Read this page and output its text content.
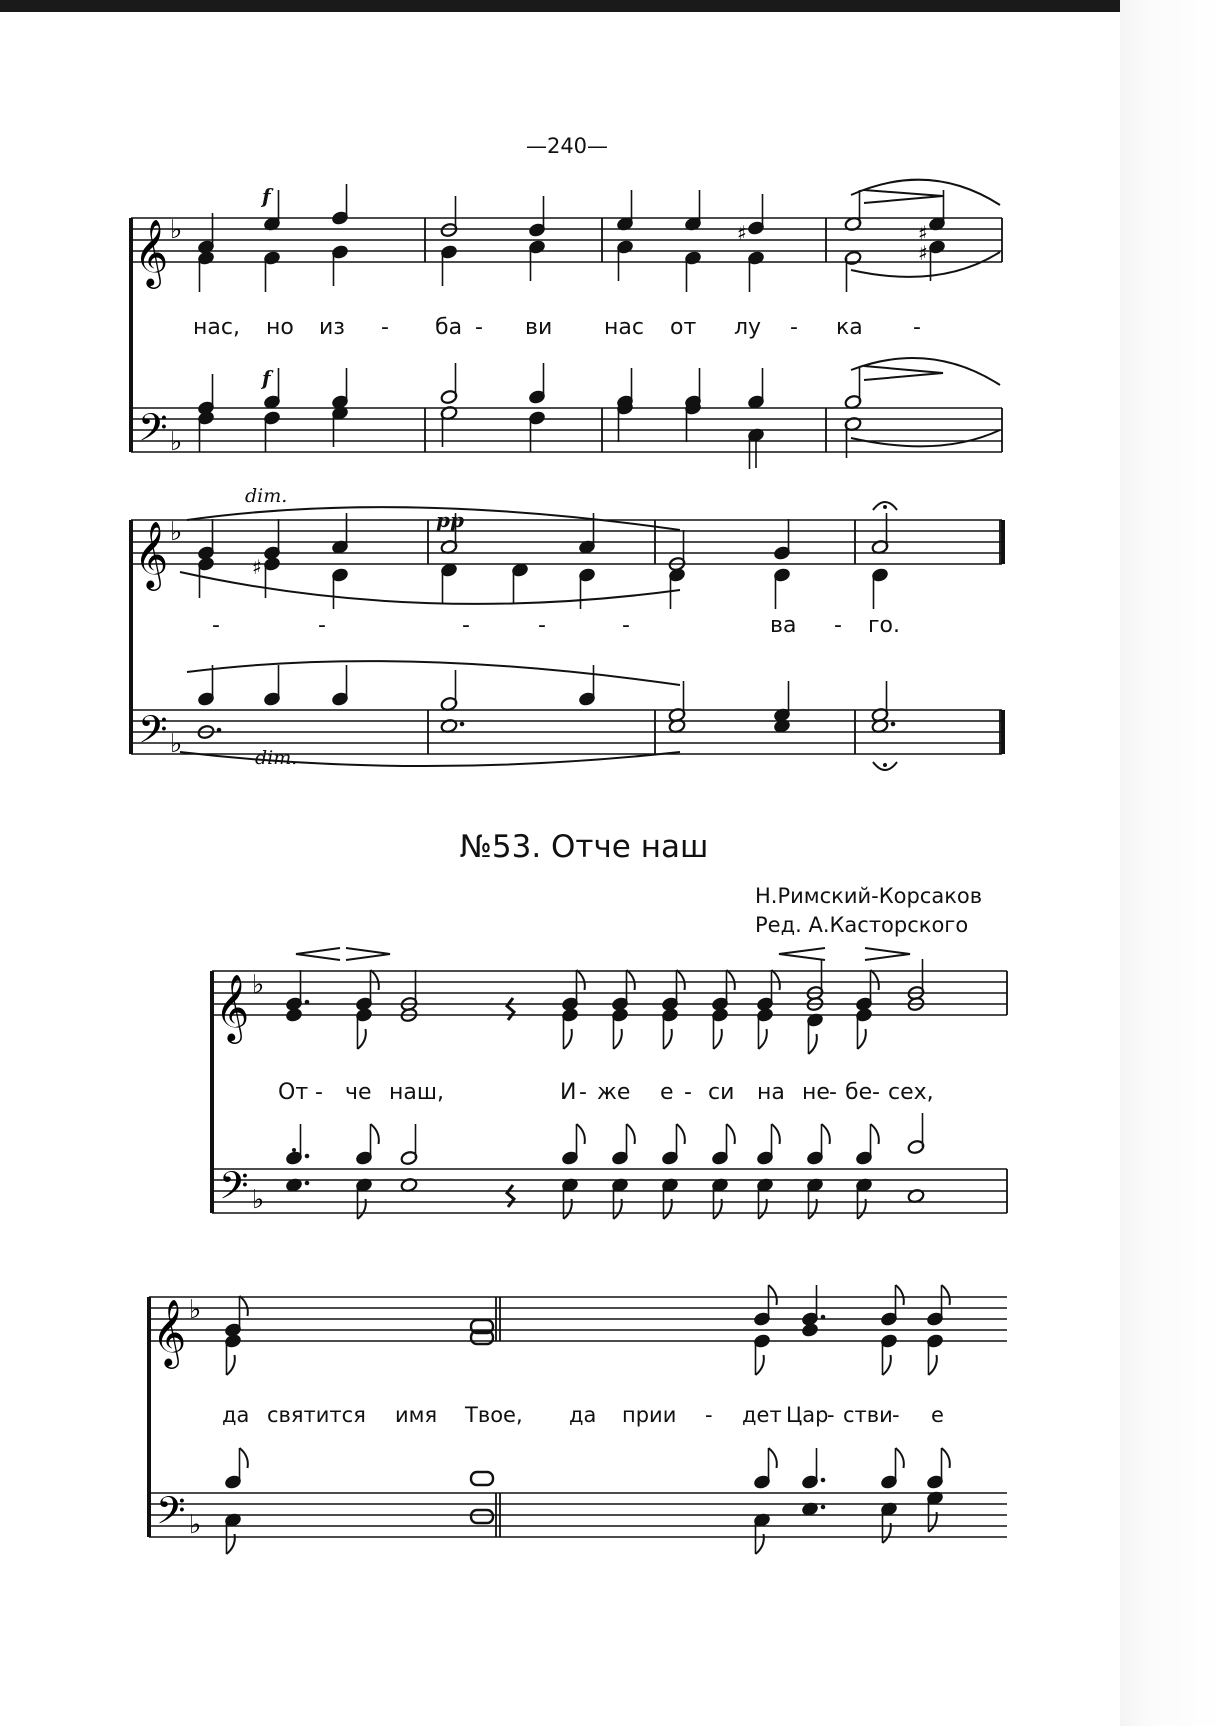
—240—
𝄞
𝄢
♭
♭
f
f
♯	♯
♯
нас, но из - ба - ви нас от лу - ка -
𝄞
𝄢
♭
♭
dim.
dim.
pp
♯
-	-	-	-	-	ва - го.
№53. Отче наш
Н.Римский-Корсаков
Ред. А.Касторского
𝄞
𝄢
♭
♭
От - че наш,	И - же е - си на не - бе - сех,
𝄞
𝄢
♭
♭
да святится имя Твое, да прии - дет Цар
- стви - е
